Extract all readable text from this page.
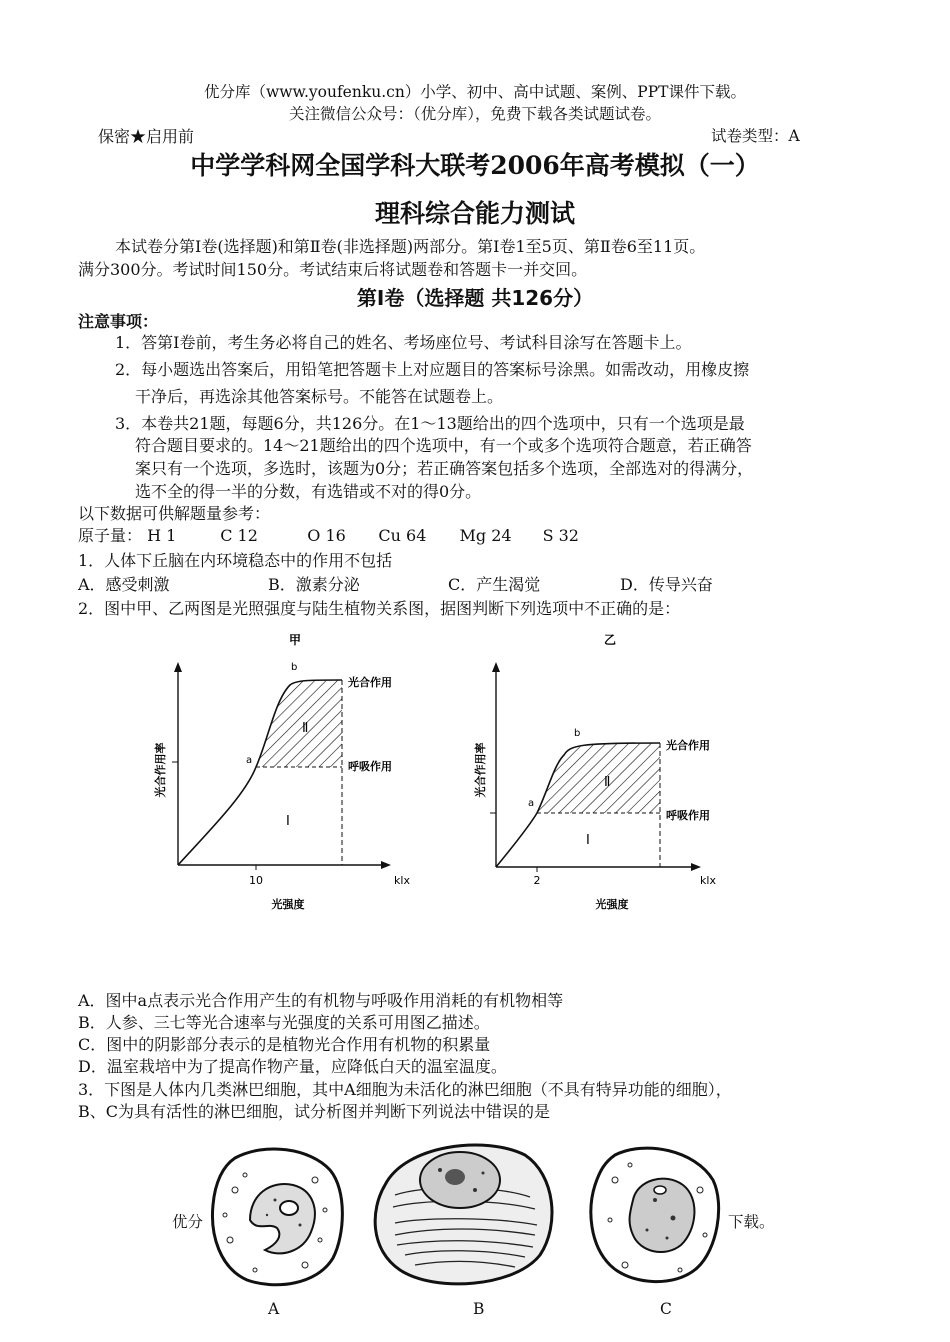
优分库（www.youfenku.cn）小学、初中、高中试题、案例、PPT课件下载。
关注微信公众号：（优分库），免费下载各类试题试卷。
保密★启用前	试卷类型：A
中学学科网全国学科大联考2006年高考模拟（一）
理科综合能力测试
本试卷分第Ⅰ卷(选择题)和第Ⅱ卷(非选择题)两部分。第Ⅰ卷1至5页、第Ⅱ卷6至11页。
满分300分。考试时间150分。考试结束后将试题卷和答题卡一并交回。
第Ⅰ卷（选择题 共126分）
注意事项：
1．答第Ⅰ卷前，考生务必将自己的姓名、考场座位号、考试科目涂写在答题卡上。
2．每小题选出答案后，用铅笔把答题卡上对应题目的答案标号涂黑。如需改动，用橡皮擦
干净后，再选涂其他答案标号。不能答在试题卷上。
3．本卷共21题，每题6分，共126分。在1～13题给出的四个选项中，只有一个选项是最
符合题目要求的。14～21题给出的四个选项中，有一个或多个选项符合题意，若正确答
案只有一个选项，多选时，该题为0分；若正确答案包括多个选项，全部选对的得满分，
选不全的得一半的分数，有选错或不对的得0分。
以下数据可供解题量参考：
原子量： H 1	C 12	O 16 Cu 64 Mg 24 S 32
1．人体下丘脑在内环境稳态中的作用不包括
A．感受刺激	B．激素分泌	C．产生渴觉	D．传导兴奋
2．图中甲、乙两图是光照强度与陆生植物关系图，据图判断下列选项中不正确的是：
甲
光合作用率
10	klx
光强度
a
b
光合作用
呼吸作用
Ⅰ
Ⅱ
乙
光合作用率
2	klx
光强度
a
b
光合作用
呼吸作用
Ⅰ
Ⅱ
A．图中a点表示光合作用产生的有机物与呼吸作用消耗的有机物相等
B．人参、三七等光合速率与光强度的关系可用图乙描述。
C．图中的阴影部分表示的是植物光合作用有机物的积累量
D．温室栽培中为了提高作物产量，应降低白天的温室温度。
3．下图是人体内几类淋巴细胞，其中A细胞为未活化的淋巴细胞（不具有特异功能的细胞），
B、C为具有活性的淋巴细胞，试分析图并判断下列说法中错误的是
优分	下载。
A	B	C
